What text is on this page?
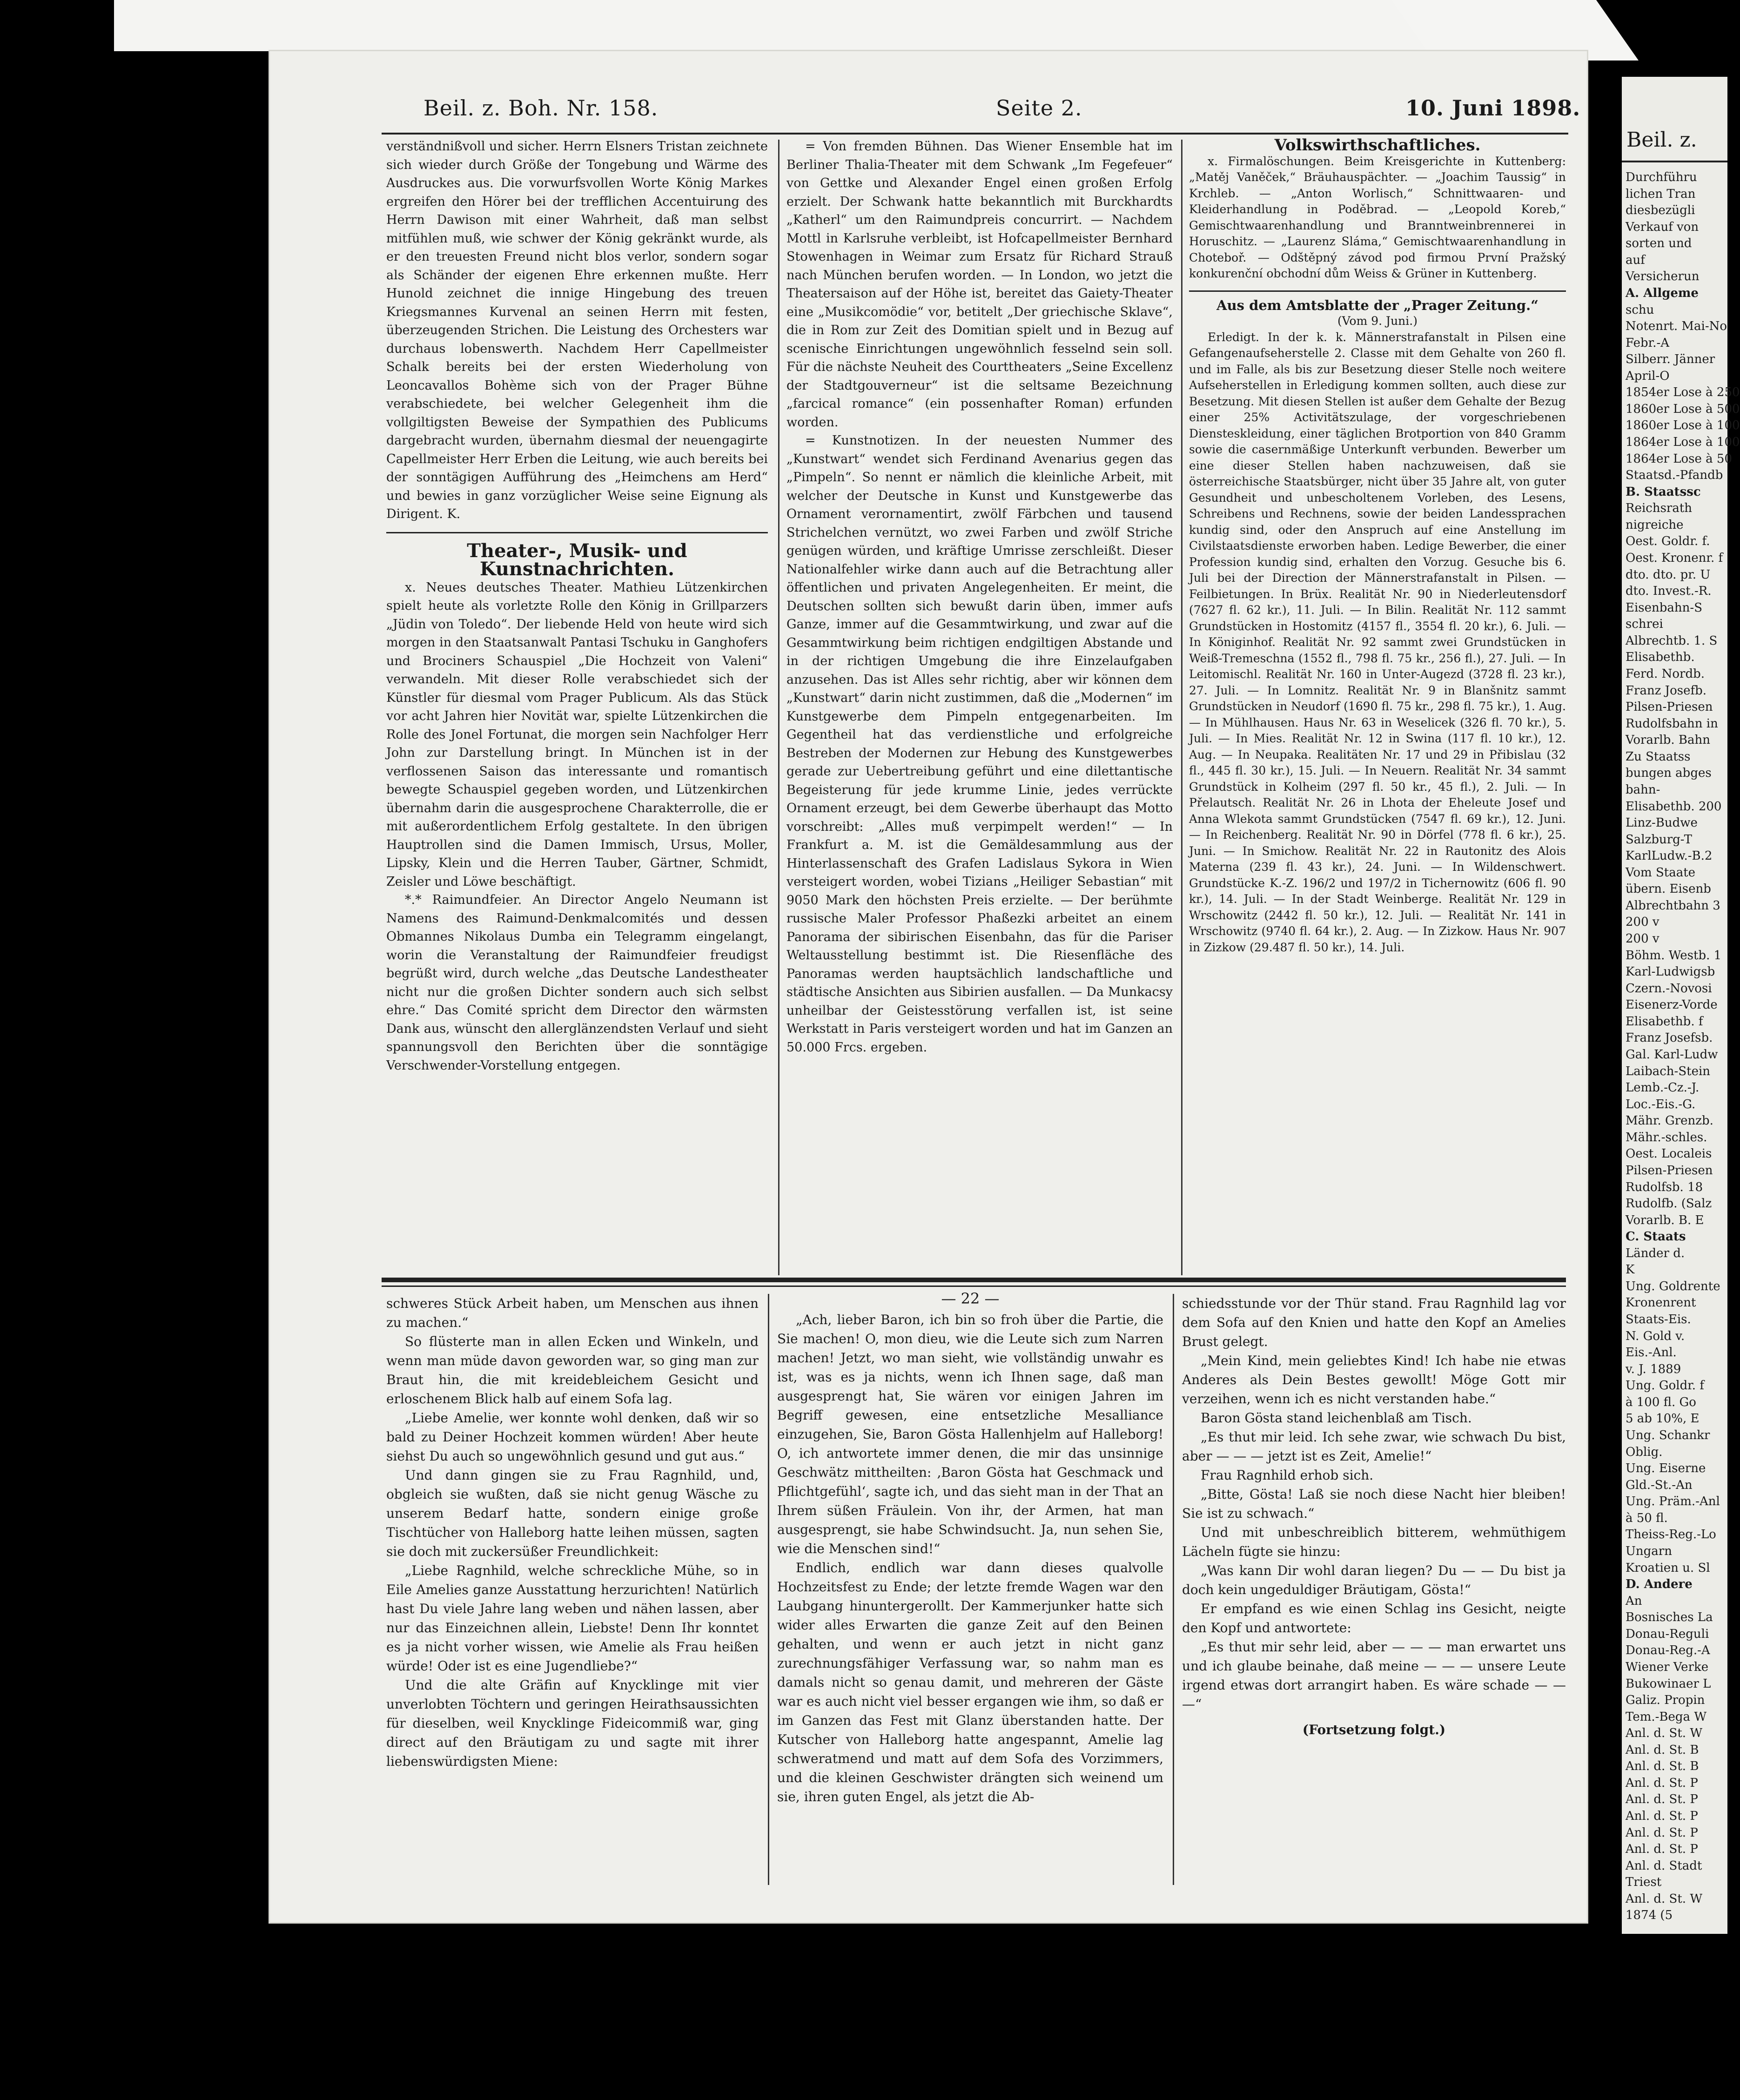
Beil. z. Boh. Nr. 158.	Seite 2.	10. Juni 1898.

verständnißvoll und sicher. Herrn Elsners Tristan zeichnete sich wieder durch Größe der Tongebung und Wärme des Ausdruckes aus. Die vorwurfsvollen Worte König Markes ergreifen den Hörer bei der trefflichen Accentuirung des Herrn Dawison mit einer Wahrheit, daß man selbst mitfühlen muß, wie schwer der König gekränkt wurde, als er den treuesten Freund nicht blos verlor, sondern sogar als Schänder der eigenen Ehre erkennen mußte. Herr Hunold zeichnet die innige Hingebung des treuen Kriegsmannes Kurvenal an seinen Herrn mit festen, überzeugenden Strichen. Die Leistung des Orchesters war durchaus lobenswerth. Nachdem Herr Capellmeister Schalk bereits bei der ersten Wiederholung von Leoncavallos Bohème sich von der Prager Bühne verabschiedete, bei welcher Gelegenheit ihm die vollgiltigsten Beweise der Sympathien des Publicums dargebracht wurden, übernahm diesmal der neuengagirte Capellmeister Herr Erben die Leitung, wie auch bereits bei der sonntägigen Aufführung des „Heimchens am Herd“ und bewies in ganz vorzüglicher Weise seine Eignung als Dirigent. K.

Theater-, Musik- und Kunstnachrichten.

x. Neues deutsches Theater. Mathieu Lützenkirchen spielt heute als vorletzte Rolle den König in Grillparzers „Jüdin von Toledo“. Der liebende Held von heute wird sich morgen in den Staatsanwalt Pantasi Tschuku in Ganghofers und Brociners Schauspiel „Die Hochzeit von Valeni“ verwandeln. Mit dieser Rolle verabschiedet sich der Künstler für diesmal vom Prager Publicum. Als das Stück vor acht Jahren hier Novität war, spielte Lützenkirchen die Rolle des Jonel Fortunat, die morgen sein Nachfolger Herr John zur Darstellung bringt. In München ist in der verflossenen Saison das interessante und romantisch bewegte Schauspiel gegeben worden, und Lützenkirchen übernahm darin die ausgesprochene Charakterrolle, die er mit außerordentlichem Erfolg gestaltete. In den übrigen Hauptrollen sind die Damen Immisch, Ursus, Moller, Lipsky, Klein und die Herren Tauber, Gärtner, Schmidt, Zeisler und Löwe beschäftigt.

*.* Raimundfeier. An Director Angelo Neumann ist Namens des Raimund-Denkmalcomités und dessen Obmannes Nikolaus Dumba ein Telegramm eingelangt, worin die Veranstaltung der Raimundfeier freudigst begrüßt wird, durch welche „das Deutsche Landestheater nicht nur die großen Dichter sondern auch sich selbst ehre.“ Das Comité spricht dem Director den wärmsten Dank aus, wünscht den allerglänzendsten Verlauf und sieht spannungsvoll den Berichten über die sonntägige Verschwender-Vorstellung entgegen.

= Von fremden Bühnen. Das Wiener Ensemble hat im Berliner Thalia-Theater mit dem Schwank „Im Fegefeuer“ von Gettke und Alexander Engel einen großen Erfolg erzielt. Der Schwank hatte bekanntlich mit Burckhardts „Katherl“ um den Raimundpreis concurrirt. — Nachdem Mottl in Karlsruhe verbleibt, ist Hofcapellmeister Bernhard Stowenhagen in Weimar zum Ersatz für Richard Strauß nach München berufen worden. — In London, wo jetzt die Theatersaison auf der Höhe ist, bereitet das Gaiety-Theater eine „Musikcomödie“ vor, betitelt „Der griechische Sklave“, die in Rom zur Zeit des Domitian spielt und in Bezug auf scenische Einrichtungen ungewöhnlich fesselnd sein soll. Für die nächste Neuheit des Courttheaters „Seine Excellenz der Stadtgouverneur“ ist die seltsame Bezeichnung „farcical romance“ (ein possenhafter Roman) erfunden worden.

= Kunstnotizen. In der neuesten Nummer des „Kunstwart“ wendet sich Ferdinand Avenarius gegen das „Pimpeln“. So nennt er nämlich die kleinliche Arbeit, mit welcher der Deutsche in Kunst und Kunstgewerbe das Ornament verornamentirt, zwölf Färbchen und tausend Strichelchen vernützt, wo zwei Farben und zwölf Striche genügen würden, und kräftige Umrisse zerschleißt. Dieser Nationalfehler wirke dann auch auf die Betrachtung aller öffentlichen und privaten Angelegenheiten. Er meint, die Deutschen sollten sich bewußt darin üben, immer aufs Ganze, immer auf die Gesammtwirkung, und zwar auf die Gesammtwirkung beim richtigen endgiltigen Abstande und in der richtigen Umgebung die ihre Einzelaufgaben anzusehen. Das ist Alles sehr richtig, aber wir können dem „Kunstwart“ darin nicht zustimmen, daß die „Modernen“ im Kunstgewerbe dem Pimpeln entgegenarbeiten. Im Gegentheil hat das verdienstliche und erfolgreiche Bestreben der Modernen zur Hebung des Kunstgewerbes gerade zur Uebertreibung geführt und eine dilettantische Begeisterung für jede krumme Linie, jedes verrückte Ornament erzeugt, bei dem Gewerbe überhaupt das Motto vorschreibt: „Alles muß verpimpelt werden!“ — In Frankfurt a. M. ist die Gemäldesammlung aus der Hinterlassenschaft des Grafen Ladislaus Sykora in Wien versteigert worden, wobei Tizians „Heiliger Sebastian“ mit 9050 Mark den höchsten Preis erzielte. — Der berühmte russische Maler Professor Phaßezki arbeitet an einem Panorama der sibirischen Eisenbahn, das für die Pariser Weltausstellung bestimmt ist. Die Riesenfläche des Panoramas werden hauptsächlich landschaftliche und städtische Ansichten aus Sibirien ausfallen. — Da Munkacsy unheilbar der Geistesstörung verfallen ist, ist seine Werkstatt in Paris versteigert worden und hat im Ganzen an 50.000 Frcs. ergeben.

Volkswirthschaftliches.

x. Firmalöschungen. Beim Kreisgerichte in Kuttenberg: „Matěj Vaněček,“ Bräuhauspächter. — „Joachim Taussig“ in Krchleb. — „Anton Worlisch,“ Schnittwaaren- und Kleiderhandlung in Poděbrad. — „Leopold Koreb,“ Gemischtwaarenhandlung und Branntweinbrennerei in Horuschitz. — „Laurenz Sláma,“ Gemischtwaarenhandlung in Choteboř. — Odštěpný závod pod firmou První Pražský konkurenční obchodní dům Weiss & Grüner in Kuttenberg.

Aus dem Amtsblatte der „Prager Zeitung.“

(Vom 9. Juni.)

Erledigt. In der k. k. Männerstrafanstalt in Pilsen eine Gefangenaufseherstelle 2. Classe mit dem Gehalte von 260 fl. und im Falle, als bis zur Besetzung dieser Stelle noch weitere Aufseherstellen in Erledigung kommen sollten, auch diese zur Besetzung. Mit diesen Stellen ist außer dem Gehalte der Bezug einer 25% Activitätszulage, der vorgeschriebenen Diensteskleidung, einer täglichen Brotportion von 840 Gramm sowie die casernmäßige Unterkunft verbunden. Bewerber um eine dieser Stellen haben nachzuweisen, daß sie österreichische Staatsbürger, nicht über 35 Jahre alt, von guter Gesundheit und unbescholtenem Vorleben, des Lesens, Schreibens und Rechnens, sowie der beiden Landessprachen kundig sind, oder den Anspruch auf eine Anstellung im Civilstaatsdienste erworben haben. Ledige Bewerber, die einer Profession kundig sind, erhalten den Vorzug. Gesuche bis 6. Juli bei der Direction der Männerstrafanstalt in Pilsen. — Feilbietungen. In Brüx. Realität Nr. 90 in Niederleutensdorf (7627 fl. 62 kr.), 11. Juli. — In Bilin. Realität Nr. 112 sammt Grundstücken in Hostomitz (4157 fl., 3554 fl. 20 kr.), 6. Juli. — In Königinhof. Realität Nr. 92 sammt zwei Grundstücken in Weiß-Tremeschna (1552 fl., 798 fl. 75 kr., 256 fl.), 27. Juli. — In Leitomischl. Realität Nr. 160 in Unter-Augezd (3728 fl. 23 kr.), 27. Juli. — In Lomnitz. Realität Nr. 9 in Blanšnitz sammt Grundstücken in Neudorf (1690 fl. 75 kr., 298 fl. 75 kr.), 1. Aug. — In Mühlhausen. Haus Nr. 63 in Weselicek (326 fl. 70 kr.), 5. Juli. — In Mies. Realität Nr. 12 in Swina (117 fl. 10 kr.), 12. Aug. — In Neupaka. Realitäten Nr. 17 und 29 in Přibislau (32 fl., 445 fl. 30 kr.), 15. Juli. — In Neuern. Realität Nr. 34 sammt Grundstück in Kolheim (297 fl. 50 kr., 45 fl.), 2. Juli. — In Přelautsch. Realität Nr. 26 in Lhota der Eheleute Josef und Anna Wlekota sammt Grundstücken (7547 fl. 69 kr.), 12. Juni. — In Reichenberg. Realität Nr. 90 in Dörfel (778 fl. 6 kr.), 25. Juni. — In Smichow. Realität Nr. 22 in Rautonitz des Alois Materna (239 fl. 43 kr.), 24. Juni. — In Wildenschwert. Grundstücke K.-Z. 196/2 und 197/2 in Tichernowitz (606 fl. 90 kr.), 14. Juli. — In der Stadt Weinberge. Realität Nr. 129 in Wrschowitz (2442 fl. 50 kr.), 12. Juli. — Realität Nr. 141 in Wrschowitz (9740 fl. 64 kr.), 2. Aug. — In Zizkow. Haus Nr. 907 in Zizkow (29.487 fl. 50 kr.), 14. Juli.

schweres Stück Arbeit haben, um Menschen aus ihnen zu machen.“

So flüsterte man in allen Ecken und Winkeln, und wenn man müde davon geworden war, so ging man zur Braut hin, die mit kreidebleichem Gesicht und erloschenem Blick halb auf einem Sofa lag.

„Liebe Amelie, wer konnte wohl denken, daß wir so bald zu Deiner Hochzeit kommen würden! Aber heute siehst Du auch so ungewöhnlich gesund und gut aus.“

Und dann gingen sie zu Frau Ragnhild, und, obgleich sie wußten, daß sie nicht genug Wäsche zu unserem Bedarf hatte, sondern einige große Tischtücher von Halleborg hatte leihen müssen, sagten sie doch mit zuckersüßer Freundlichkeit:

„Liebe Ragnhild, welche schreckliche Mühe, so in Eile Amelies ganze Ausstattung herzurichten! Natürlich hast Du viele Jahre lang weben und nähen lassen, aber nur das Einzeichnen allein, Liebste! Denn Ihr konntet es ja nicht vorher wissen, wie Amelie als Frau heißen würde! Oder ist es eine Jugendliebe?“

Und die alte Gräfin auf Knycklinge mit vier unverlobten Töchtern und geringen Heirathsaussichten für dieselben, weil Knycklinge Fideicommiß war, ging direct auf den Bräutigam zu und sagte mit ihrer liebenswürdigsten Miene:

— 22 —

„Ach, lieber Baron, ich bin so froh über die Partie, die Sie machen! O, mon dieu, wie die Leute sich zum Narren machen! Jetzt, wo man sieht, wie vollständig unwahr es ist, was es ja nichts, wenn ich Ihnen sage, daß man ausgesprengt hat, Sie wären vor einigen Jahren im Begriff gewesen, eine entsetzliche Mesalliance einzugehen, Sie, Baron Gösta Hallenhjelm auf Halleborg! O, ich antwortete immer denen, die mir das unsinnige Geschwätz mittheilten: ‚Baron Gösta hat Geschmack und Pflichtgefühl‘, sagte ich, und das sieht man in der That an Ihrem süßen Fräulein. Von ihr, der Armen, hat man ausgesprengt, sie habe Schwindsucht. Ja, nun sehen Sie, wie die Menschen sind!“

Endlich, endlich war dann dieses qualvolle Hochzeitsfest zu Ende; der letzte fremde Wagen war den Laubgang hinuntergerollt. Der Kammerjunker hatte sich wider alles Erwarten die ganze Zeit auf den Beinen gehalten, und wenn er auch jetzt in nicht ganz zurechnungsfähiger Verfassung war, so nahm man es damals nicht so genau damit, und mehreren der Gäste war es auch nicht viel besser ergangen wie ihm, so daß er im Ganzen das Fest mit Glanz überstanden hatte. Der Kutscher von Halleborg hatte angespannt, Amelie lag schweratmend und matt auf dem Sofa des Vorzimmers, und die kleinen Geschwister drängten sich weinend um sie, ihren guten Engel, als jetzt die Ab-

schiedsstunde vor der Thür stand. Frau Ragnhild lag vor dem Sofa auf den Knien und hatte den Kopf an Amelies Brust gelegt.

„Mein Kind, mein geliebtes Kind! Ich habe nie etwas Anderes als Dein Bestes gewollt! Möge Gott mir verzeihen, wenn ich es nicht verstanden habe.“

Baron Gösta stand leichenblaß am Tisch.

„Es thut mir leid. Ich sehe zwar, wie schwach Du bist, aber — — — jetzt ist es Zeit, Amelie!“

Frau Ragnhild erhob sich.

„Bitte, Gösta! Laß sie noch diese Nacht hier bleiben! Sie ist zu schwach.“

Und mit unbeschreiblich bitterem, wehmüthigem Lächeln fügte sie hinzu:

„Was kann Dir wohl daran liegen? Du — — Du bist ja doch kein ungeduldiger Bräutigam, Gösta!“

Er empfand es wie einen Schlag ins Gesicht, neigte den Kopf und antwortete:

„Es thut mir sehr leid, aber — — — man erwartet uns und ich glaube beinahe, daß meine — — — unsere Leute irgend etwas dort arrangirt haben. Es wäre schade — — —“

(Fortsetzung folgt.)

Beil. z.
Durchführu
lichen Tran
diesbezügli
Verkauf von
sorten und
auf
Versicherun
A. Allgeme
schu
Notenrt. Mai-No
Febr.-A
Silberr. Jänner
April-O
1854er Lose à 250
1860er Lose à 500
1860er Lose à 100
1864er Lose à 100
1864er Lose à 50
Staatsd.-Pfandb
B. Staatssc
Reichsrath
nigreiche
Oest. Goldr. f.
Oest. Kronenr. f
dto. dto. pr. U
dto. Invest.-R.
Eisenbahn-S
schrei
Albrechtb. 1. S
Elisabethb.
Ferd. Nordb.
Franz Josefb.
Pilsen-Priesen
Rudolfsbahn in
Vorarlb. Bahn
Zu Staatss
bungen abges
bahn-
Elisabethb. 200
Linz-Budwe
Salzburg-T
KarlLudw.-B.2
Vom Staate
übern. Eisenb
Albrechtbahn 3
200 v
200 v
Böhm. Westb. 1
Karl-Ludwigsb
Czern.-Novosi
Eisenerz-Vorde
Elisabethb. f
Franz Josefsb.
Gal. Karl-Ludw
Laibach-Stein
Lemb.-Cz.-J.
Loc.-Eis.-G.
Mähr. Grenzb.
Mähr.-schles.
Oest. Localeis
Pilsen-Priesen
Rudolfsb. 18
Rudolfb. (Salz
Vorarlb. B. E
C. Staats
Länder d.
K
Ung. Goldrente
Kronenrent
Staats-Eis.
N. Gold v.
Eis.-Anl.
v. J. 1889
Ung. Goldr. f
à 100 fl. Go
5 ab 10%, E
Ung. Schankr
Oblig.
Ung. Eiserne
Gld.-St.-An
Ung. Präm.-Anl
à 50 fl.
Theiss-Reg.-Lo
Ungarn
Kroatien u. Sl
D. Andere
An
Bosnisches La
Donau-Reguli
Donau-Reg.-A
Wiener Verke
Bukowinaer L
Galiz. Propin
Tem.-Bega W
Anl. d. St. W
Anl. d. St. B
Anl. d. St. B
Anl. d. St. P
Anl. d. St. P
Anl. d. St. P
Anl. d. St. P
Anl. d. St. P
Anl. d. Stadt
Triest
Anl. d. St. W
1874 (5
